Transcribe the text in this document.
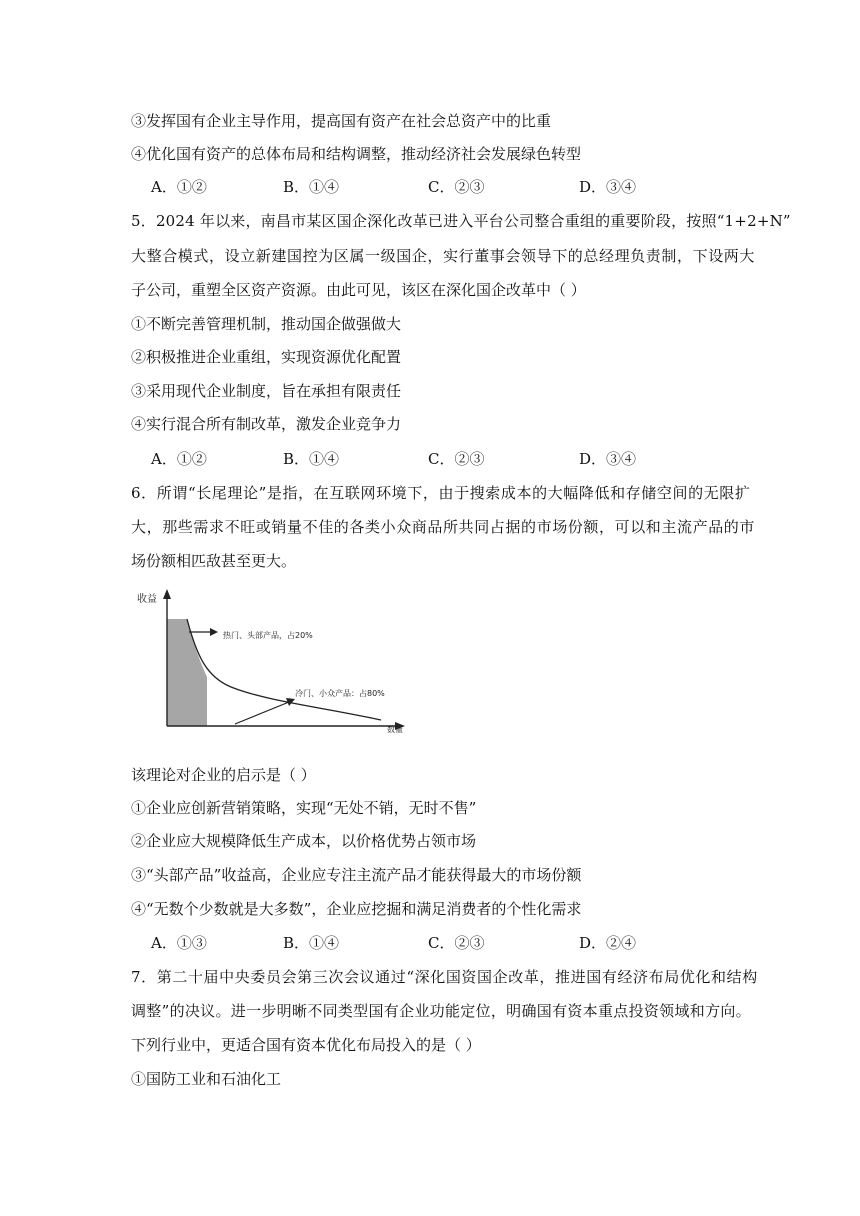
③发挥国有企业主导作用，提高国有资产在社会总资产中的比重
④优化国有资产的总体布局和结构调整，推动经济社会发展绿色转型
A．①②	B．①④	C．②③	D．③④
5．2024 年以来，南昌市某区国企深化改革已进入平台公司整合重组的重要阶段，按照“1+2+N”
大整合模式，设立新建国控为区属一级国企，实行董事会领导下的总经理负责制，下设两大
子公司，重塑全区资产资源。由此可见，该区在深化国企改革中（ ）
①不断完善管理机制，推动国企做强做大
②积极推进企业重组，实现资源优化配置
③采用现代企业制度，旨在承担有限责任
④实行混合所有制改革，激发企业竞争力
A．①②	B．①④	C．②③	D．③④
6．所谓“长尾理论”是指，在互联网环境下，由于搜索成本的大幅降低和存储空间的无限扩
大，那些需求不旺或销量不佳的各类小众商品所共同占据的市场份额，可以和主流产品的市
场份额相匹敌甚至更大。
收益
数量
热门、头部产品，占20%
冷门、小众产品：占80%
该理论对企业的启示是（ ）
①企业应创新营销策略，实现“无处不销，无时不售”
②企业应大规模降低生产成本，以价格优势占领市场
③“头部产品”收益高，企业应专注主流产品才能获得最大的市场份额
④“无数个少数就是大多数”，企业应挖掘和满足消费者的个性化需求
A．①③	B．①④	C．②③	D．②④
7．第二十届中央委员会第三次会议通过“深化国资国企改革，推进国有经济布局优化和结构
调整”的决议。进一步明晰不同类型国有企业功能定位，明确国有资本重点投资领域和方向。
下列行业中，更适合国有资本优化布局投入的是（ ）
①国防工业和石油化工
